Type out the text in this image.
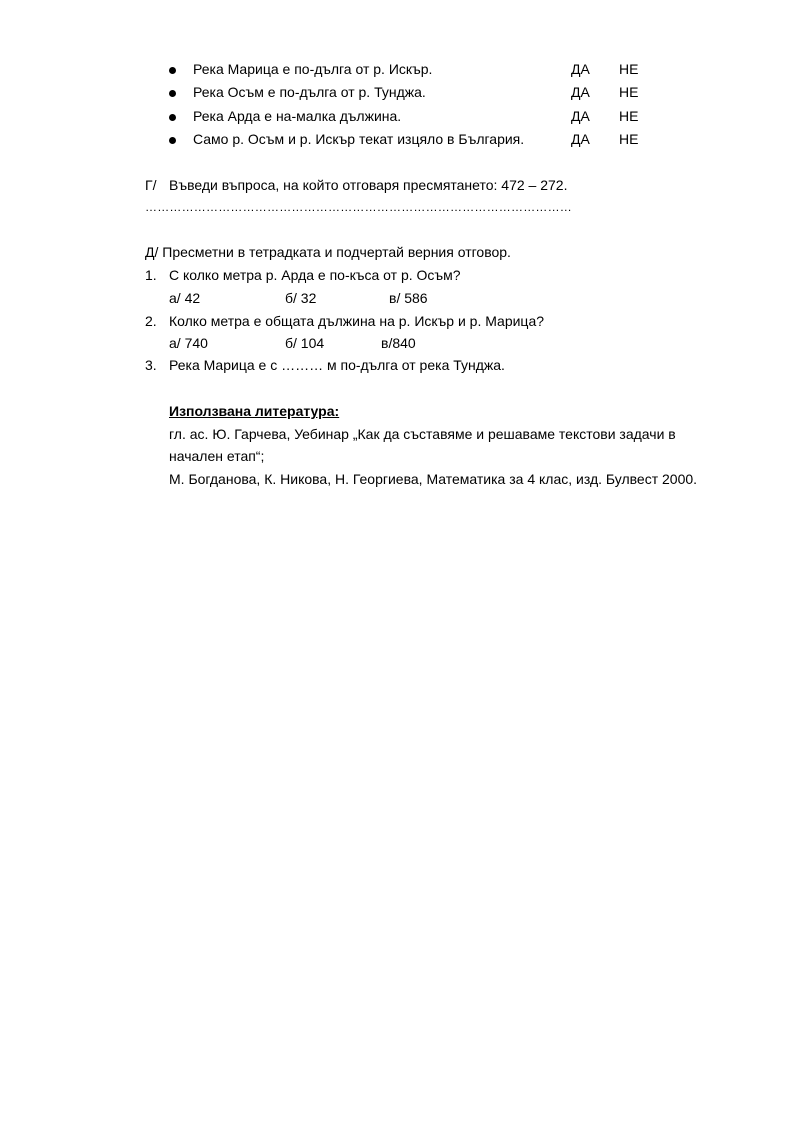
Река Марица е по-дълга от р. Искър.	ДА НЕ
Река Осъм е по-дълга от р. Тунджа.	ДА НЕ
Река Арда е на-малка дължина.	ДА НЕ
Само р. Осъм и р. Искър текат изцяло в България.	ДА НЕ
Г/ Въведи въпроса, на който отговаря пресмятането: 472 – 272.
……………………………………………………………………………………………
Д/ Пресметни в тетрадката и подчертай верния отговор.
1. С колко метра р. Арда е по-къса от р. Осъм?
а/ 42	б/ 32	в/ 586
2. Колко метра е общата дължина на р. Искър и р. Марица?
а/ 740	б/ 104	в/840
3. Река Марица е с ……… м по-дълга от река Тунджа.
Използвана литература:
гл. ас. Ю. Гарчева, Уебинар „Как да съставяме и решаваме текстови задачи в
начален етап“;
М. Богданова, К. Никова, Н. Георгиева, Математика за 4 клас, изд. Булвест 2000.
